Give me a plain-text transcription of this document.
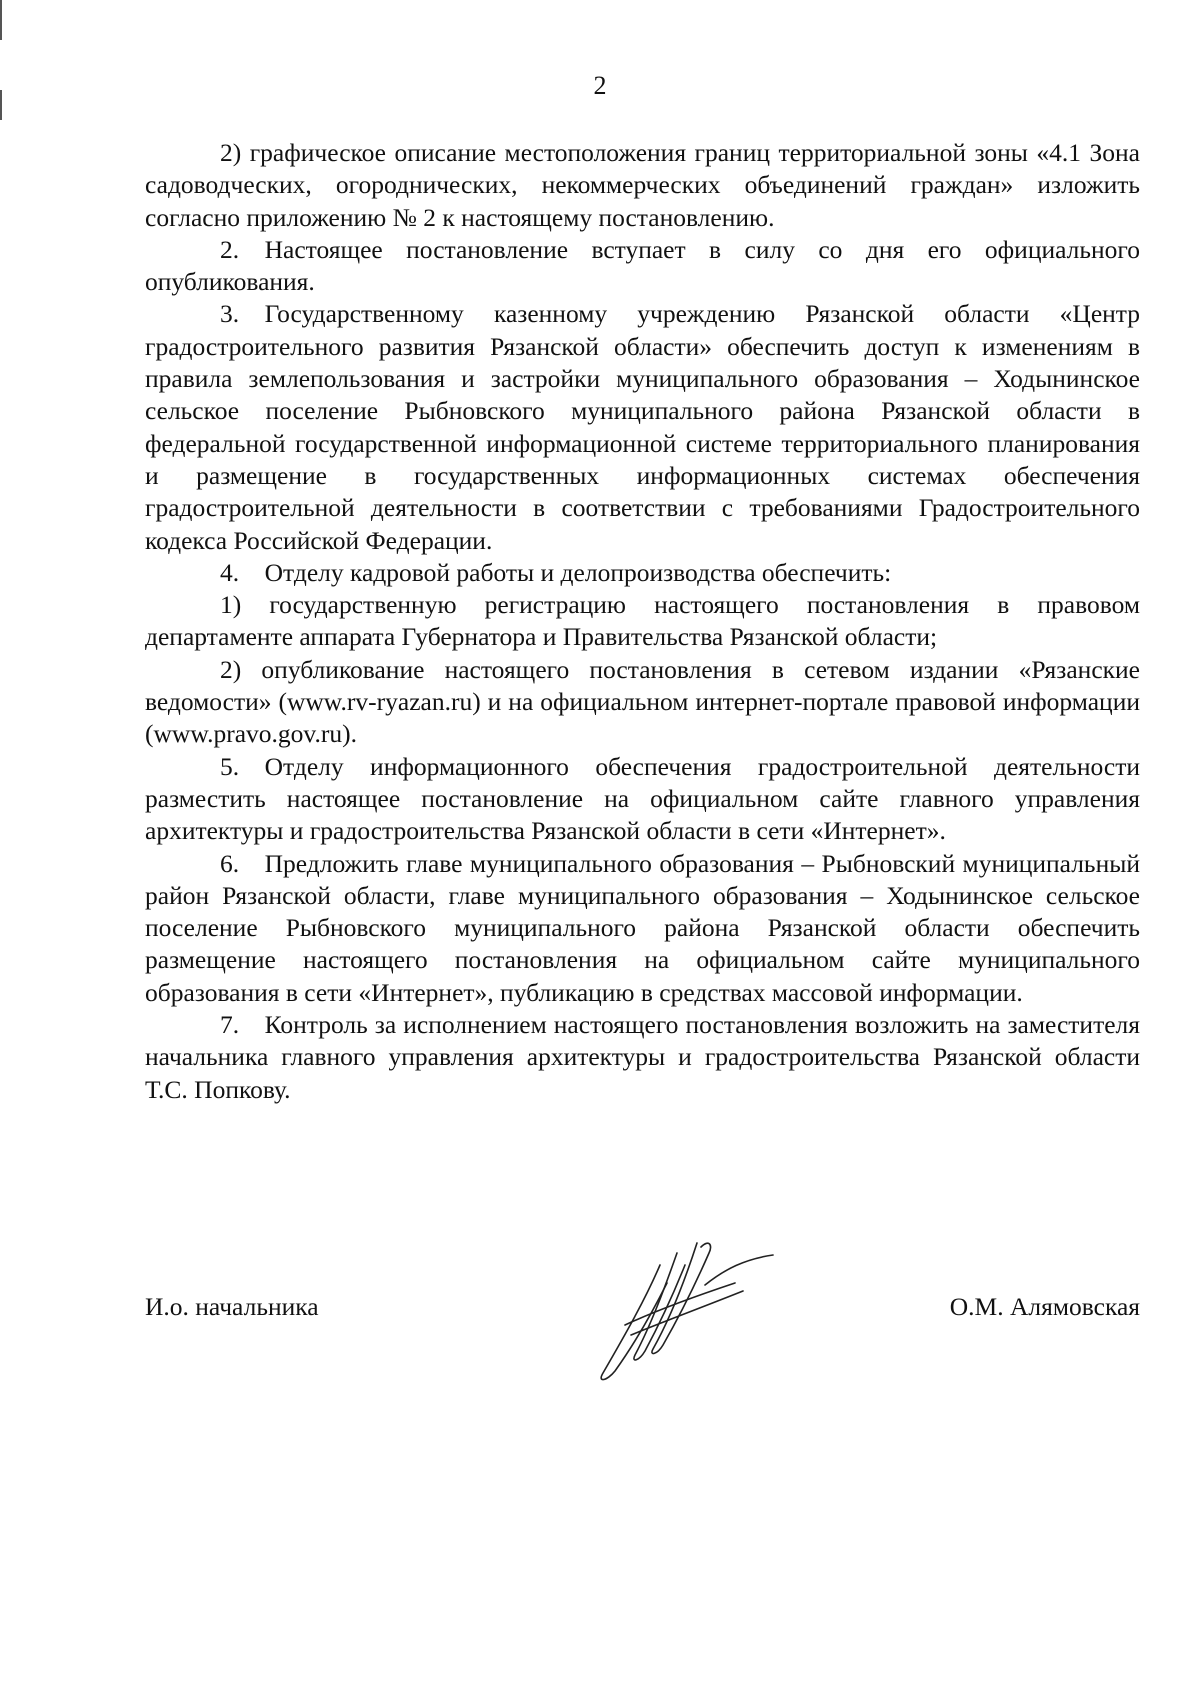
2

2) графическое описание местоположения границ территориальной зоны «4.1 Зона садоводческих, огороднических, некоммерческих объединений граждан» изложить согласно приложению № 2 к настоящему постановлению.

2. Настоящее постановление вступает в силу со дня его официального опубликования.

3. Государственному казенному учреждению Рязанской области «Центр градостроительного развития Рязанской области» обеспечить доступ к изменениям в правила землепользования и застройки муниципального образования – Ходынинское сельское поселение Рыбновского муниципального района Рязанской области в федеральной государственной информационной системе территориального планирования и размещение в государственных информационных системах обеспечения градостроительной деятельности в соответствии с требованиями Градостроительного кодекса Российской Федерации.

4. Отделу кадровой работы и делопроизводства обеспечить:

1) государственную регистрацию настоящего постановления в правовом департаменте аппарата Губернатора и Правительства Рязанской области;

2) опубликование настоящего постановления в сетевом издании «Рязанские ведомости» (www.rv-ryazan.ru) и на официальном интернет-портале правовой информации (www.pravo.gov.ru).

5. Отделу информационного обеспечения градостроительной деятельности разместить настоящее постановление на официальном сайте главного управления архитектуры и градостроительства Рязанской области в сети «Интернет».

6. Предложить главе муниципального образования – Рыбновский муниципальный район Рязанской области, главе муниципального образования – Ходынинское сельское поселение Рыбновского муниципального района Рязанской области обеспечить размещение настоящего постановления на официальном сайте муниципального образования в сети «Интернет», публикацию в средствах массовой информации.

7. Контроль за исполнением настоящего постановления возложить на заместителя начальника главного управления архитектуры и градостроительства Рязанской области Т.С. Попкову.

И.о. начальника	О.М. Алямовская
